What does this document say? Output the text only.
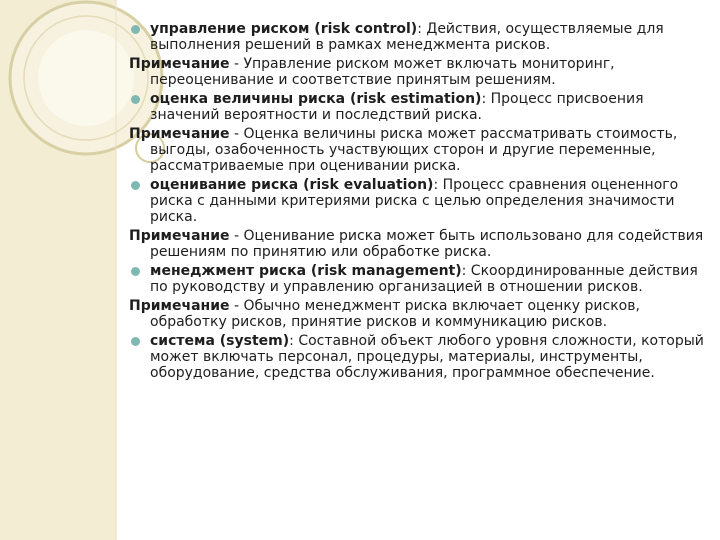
управление риском (risk control): Действия, осуществляемые для выполнения решений в рамках менеджмента рисков.

Примечание - Управление риском может включать мониторинг, переоценивание и соответствие принятым решениям.

оценка величины риска (risk estimation): Процесс присвоения значений вероятности и последствий риска.

Примечание - Оценка величины риска может рассматривать стоимость, выгоды, озабоченность участвующих сторон и другие переменные, рассматриваемые при оценивании риска.

оценивание риска (risk evaluation): Процесс сравнения оцененного риска с данными критериями риска с целью определения значимости риска.

Примечание - Оценивание риска может быть использовано для содействия решениям по принятию или обработке риска.

менеджмент риска (risk management): Скоординированные действия по руководству и управлению организацией в отношении рисков.

Примечание - Обычно менеджмент риска включает оценку рисков, обработку рисков, принятие рисков и коммуникацию рисков.

система (system): Составной объект любого уровня сложности, который может включать персонал, процедуры, материалы, инструменты, оборудование, средства обслуживания, программное обеспечение.
